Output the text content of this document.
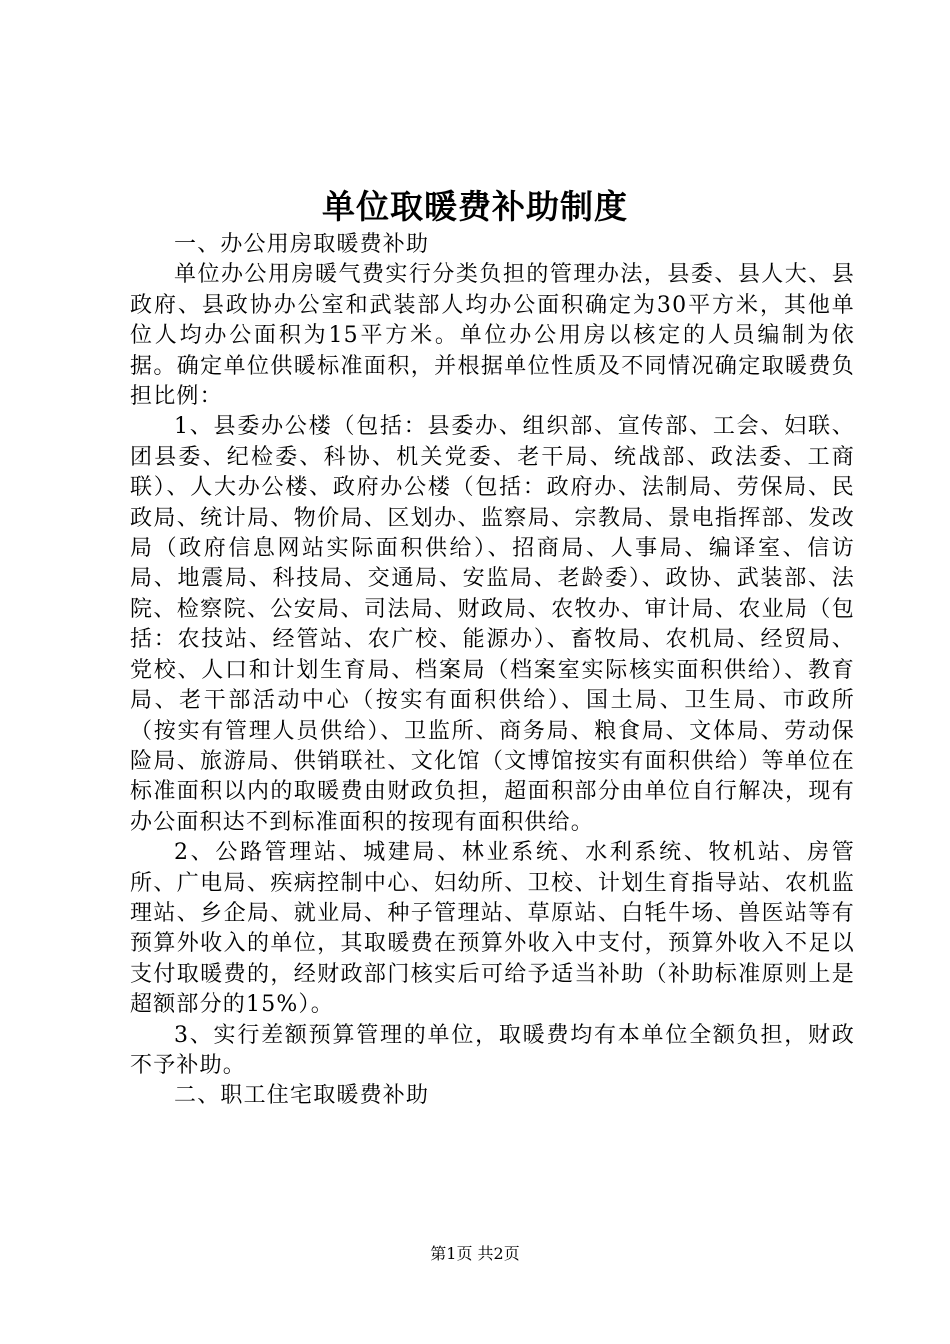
单位取暖费补助制度

一、办公用房取暖费补助

单位办公用房暖气费实行分类负担的管理办法，县委、县人大、县政府、县政协办公室和武装部人均办公面积确定为30平方米，其他单位人均办公面积为15平方米。单位办公用房以核定的人员编制为依据。确定单位供暖标准面积，并根据单位性质及不同情况确定取暖费负担比例：

1、县委办公楼（包括：县委办、组织部、宣传部、工会、妇联、团县委、纪检委、科协、机关党委、老干局、统战部、政法委、工商联）、人大办公楼、政府办公楼（包括：政府办、法制局、劳保局、民政局、统计局、物价局、区划办、监察局、宗教局、景电指挥部、发改局（政府信息网站实际面积供给）、招商局、人事局、编译室、信访局、地震局、科技局、交通局、安监局、老龄委）、政协、武装部、法院、检察院、公安局、司法局、财政局、农牧办、审计局、农业局（包括：农技站、经管站、农广校、能源办）、畜牧局、农机局、经贸局、党校、人口和计划生育局、档案局（档案室实际核实面积供给）、教育局、老干部活动中心（按实有面积供给）、国土局、卫生局、市政所（按实有管理人员供给）、卫监所、商务局、粮食局、文体局、劳动保险局、旅游局、供销联社、文化馆（文博馆按实有面积供给）等单位在标准面积以内的取暖费由财政负担，超面积部分由单位自行解决，现有办公面积达不到标准面积的按现有面积供给。

2、公路管理站、城建局、林业系统、水利系统、牧机站、房管所、广电局、疾病控制中心、妇幼所、卫校、计划生育指导站、农机监理站、乡企局、就业局、种子管理站、草原站、白牦牛场、兽医站等有预算外收入的单位，其取暖费在预算外收入中支付，预算外收入不足以支付取暖费的，经财政部门核实后可给予适当补助（补助标准原则上是超额部分的15%）。

3、实行差额预算管理的单位，取暖费均有本单位全额负担，财政不予补助。

二、职工住宅取暖费补助

第1页 共2页
